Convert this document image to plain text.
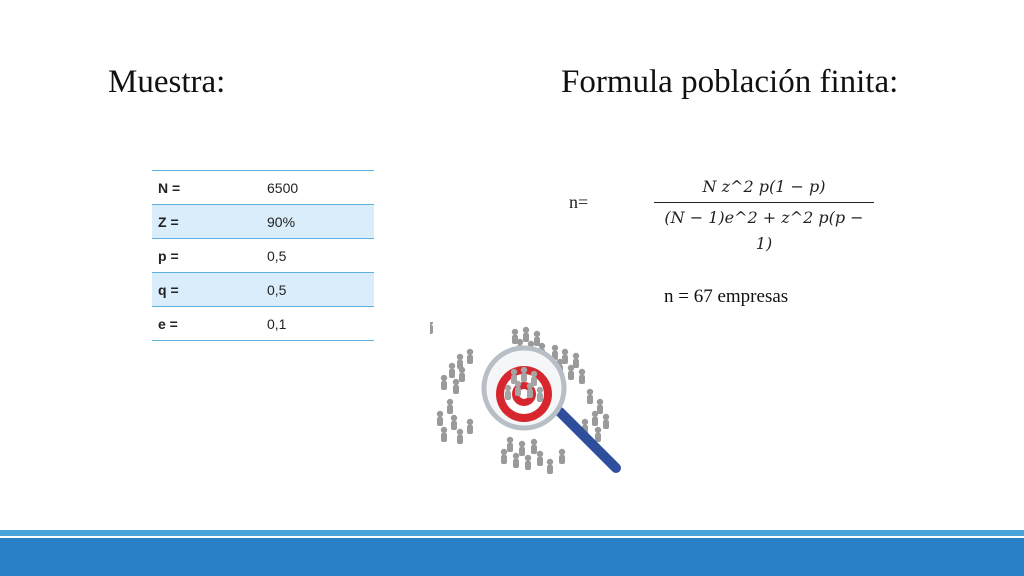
Muestra:	Formula población finita:
N =	6500
Z =	90%
p =	0,5
q =	0,5
e =	0,1
n=
N z^2 p(1 − p)
(N − 1)e^2 + z^2 p(p − 1)
n = 67 empresas
